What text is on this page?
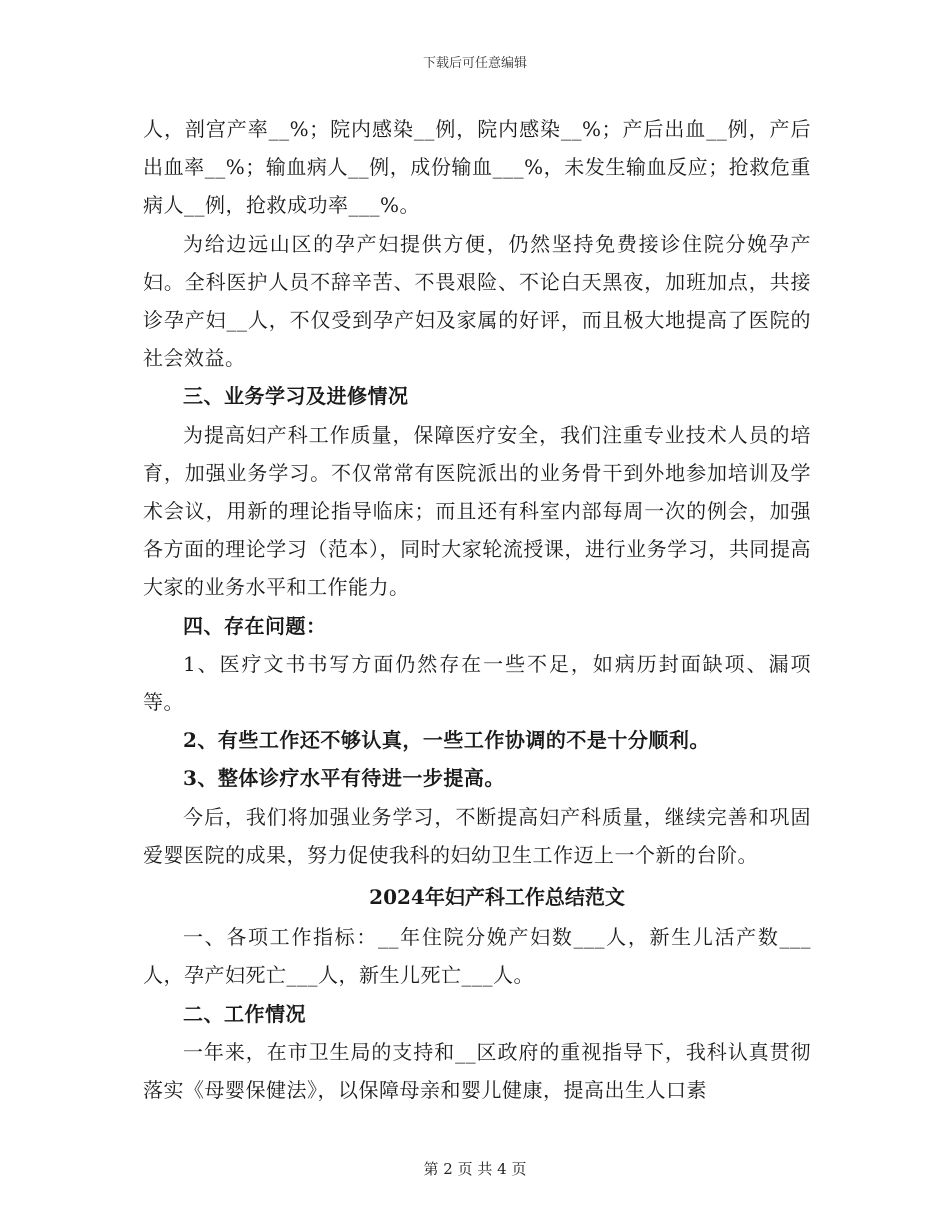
下载后可任意编辑

人，剖宫产率__%；院内感染__例，院内感染__%；产后出血__例，产后出血率__%；输血病人__例，成份输血___%，未发生输血反应；抢救危重病人__例，抢救成功率___%。

为给边远山区的孕产妇提供方便，仍然坚持免费接诊住院分娩孕产妇。全科医护人员不辞辛苦、不畏艰险、不论白天黑夜，加班加点，共接诊孕产妇__人，不仅受到孕产妇及家属的好评，而且极大地提高了医院的社会效益。

三、业务学习及进修情况

为提高妇产科工作质量，保障医疗安全，我们注重专业技术人员的培育，加强业务学习。不仅常常有医院派出的业务骨干到外地参加培训及学术会议，用新的理论指导临床；而且还有科室内部每周一次的例会，加强各方面的理论学习（范本），同时大家轮流授课，进行业务学习，共同提高大家的业务水平和工作能力。

四、存在问题：

1、医疗文书书写方面仍然存在一些不足，如病历封面缺项、漏项等。

2、有些工作还不够认真，一些工作协调的不是十分顺利。

3、整体诊疗水平有待进一步提高。

今后，我们将加强业务学习，不断提高妇产科质量，继续完善和巩固爱婴医院的成果，努力促使我科的妇幼卫生工作迈上一个新的台阶。

2024年妇产科工作总结范文

一、各项工作指标：__年住院分娩产妇数___人，新生儿活产数___人，孕产妇死亡___人，新生儿死亡___人。

二、工作情况

一年来，在市卫生局的支持和__区政府的重视指导下，我科认真贯彻落实《母婴保健法》，以保障母亲和婴儿健康，提高出生人口素

第 2 页 共 4 页
